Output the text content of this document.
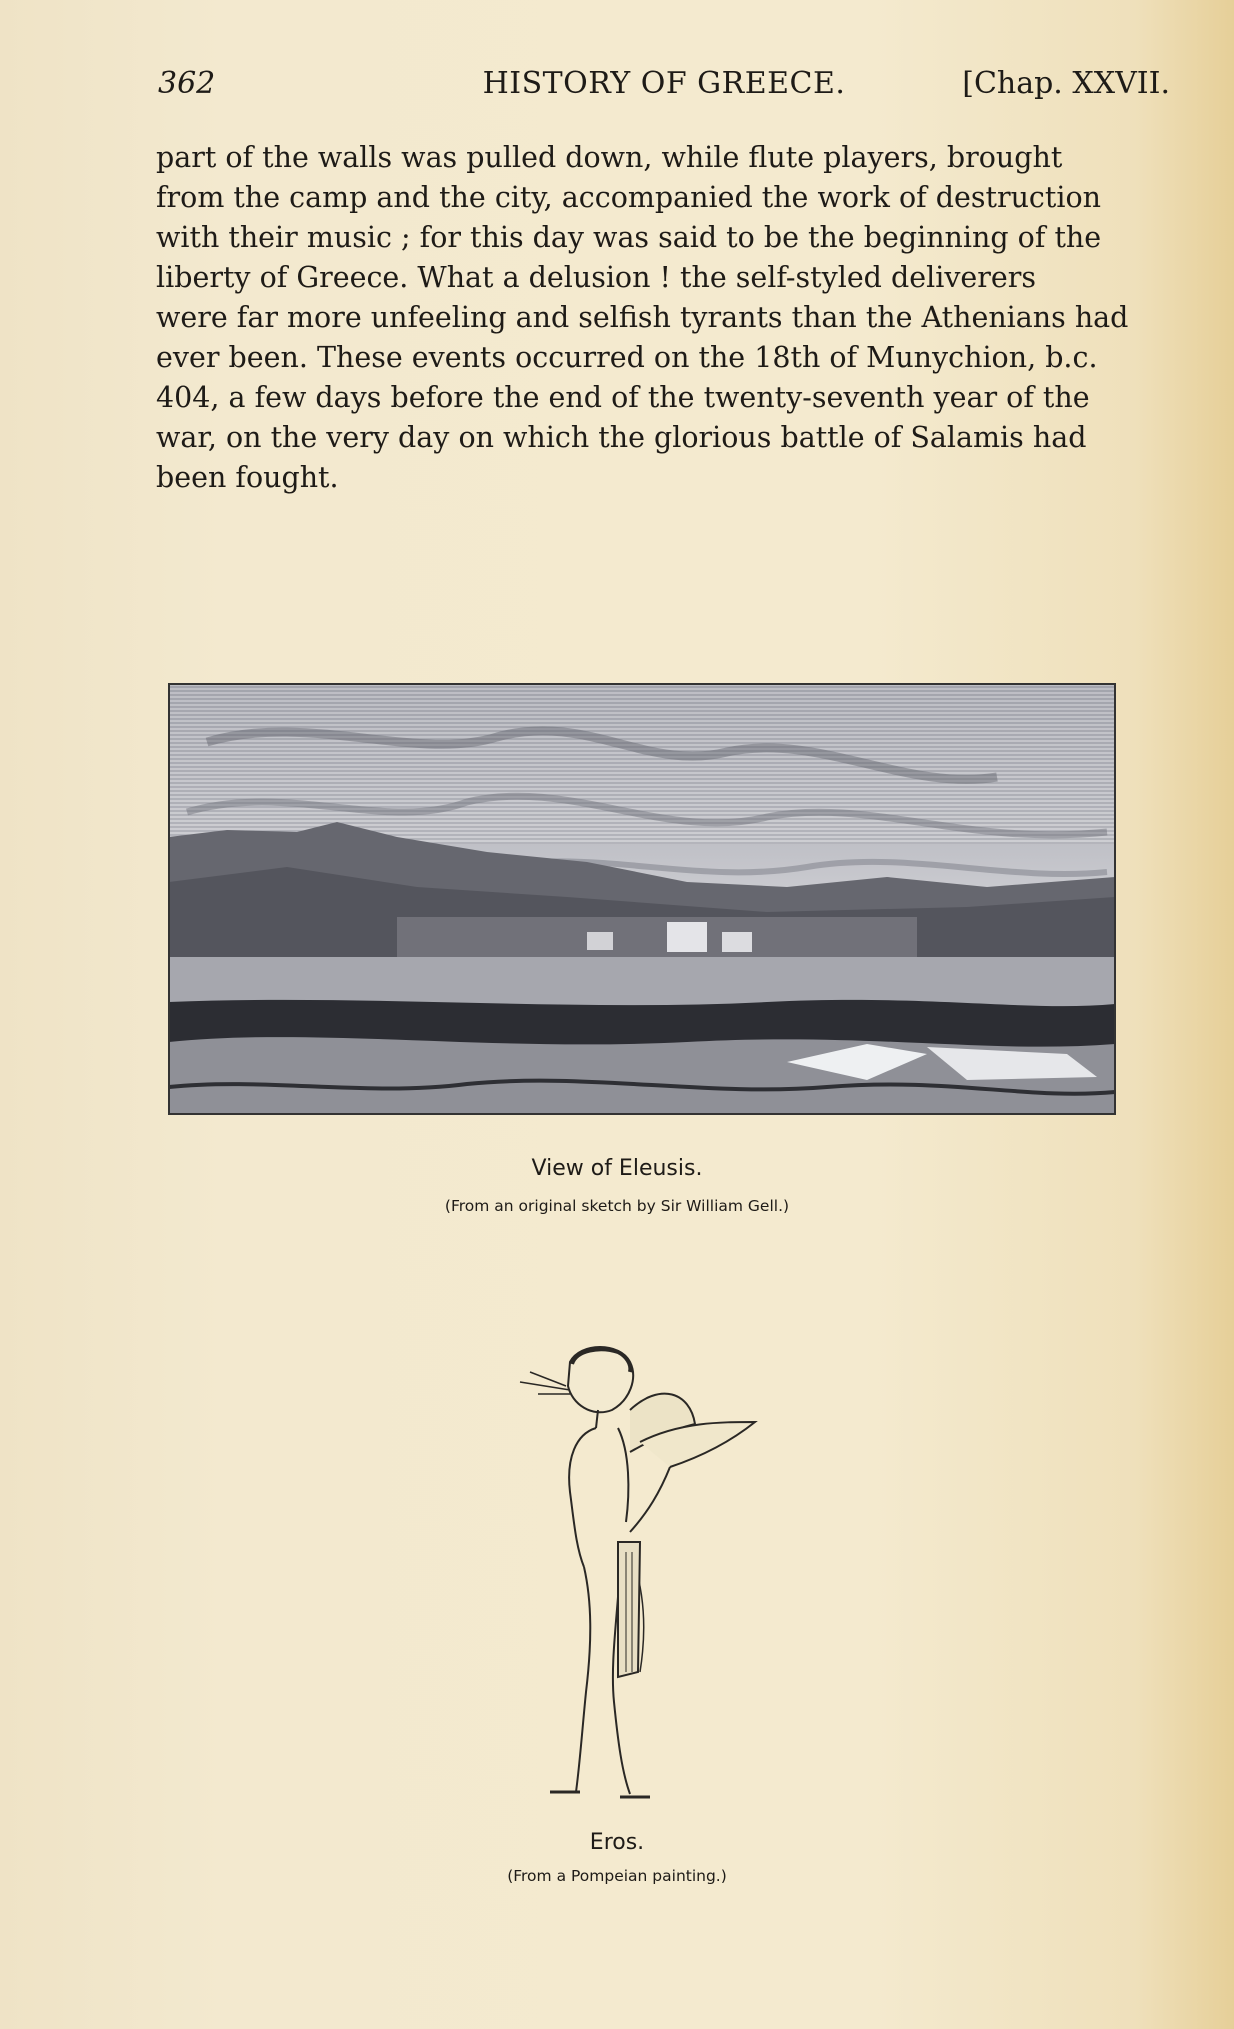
362	HISTORY OF GREECE.	[Chap. XXVII.
part of the walls was pulled down, while flute players, brought
from the camp and the city, accompanied the work of destruction
with their music ; for this day was said to be the beginning of the
liberty of Greece. What a delusion ! the self-styled deliverers
were far more unfeeling and selfish tyrants than the Athenians had
ever been. These events occurred on the 18th of Munychion, b.c.
404, a few days before the end of the twenty-seventh year of the
war, on the very day on which the glorious battle of Salamis had
been fought.
View of Eleusis.
(From an original sketch by Sir William Gell.)
Eros.
(From a Pompeian painting.)
